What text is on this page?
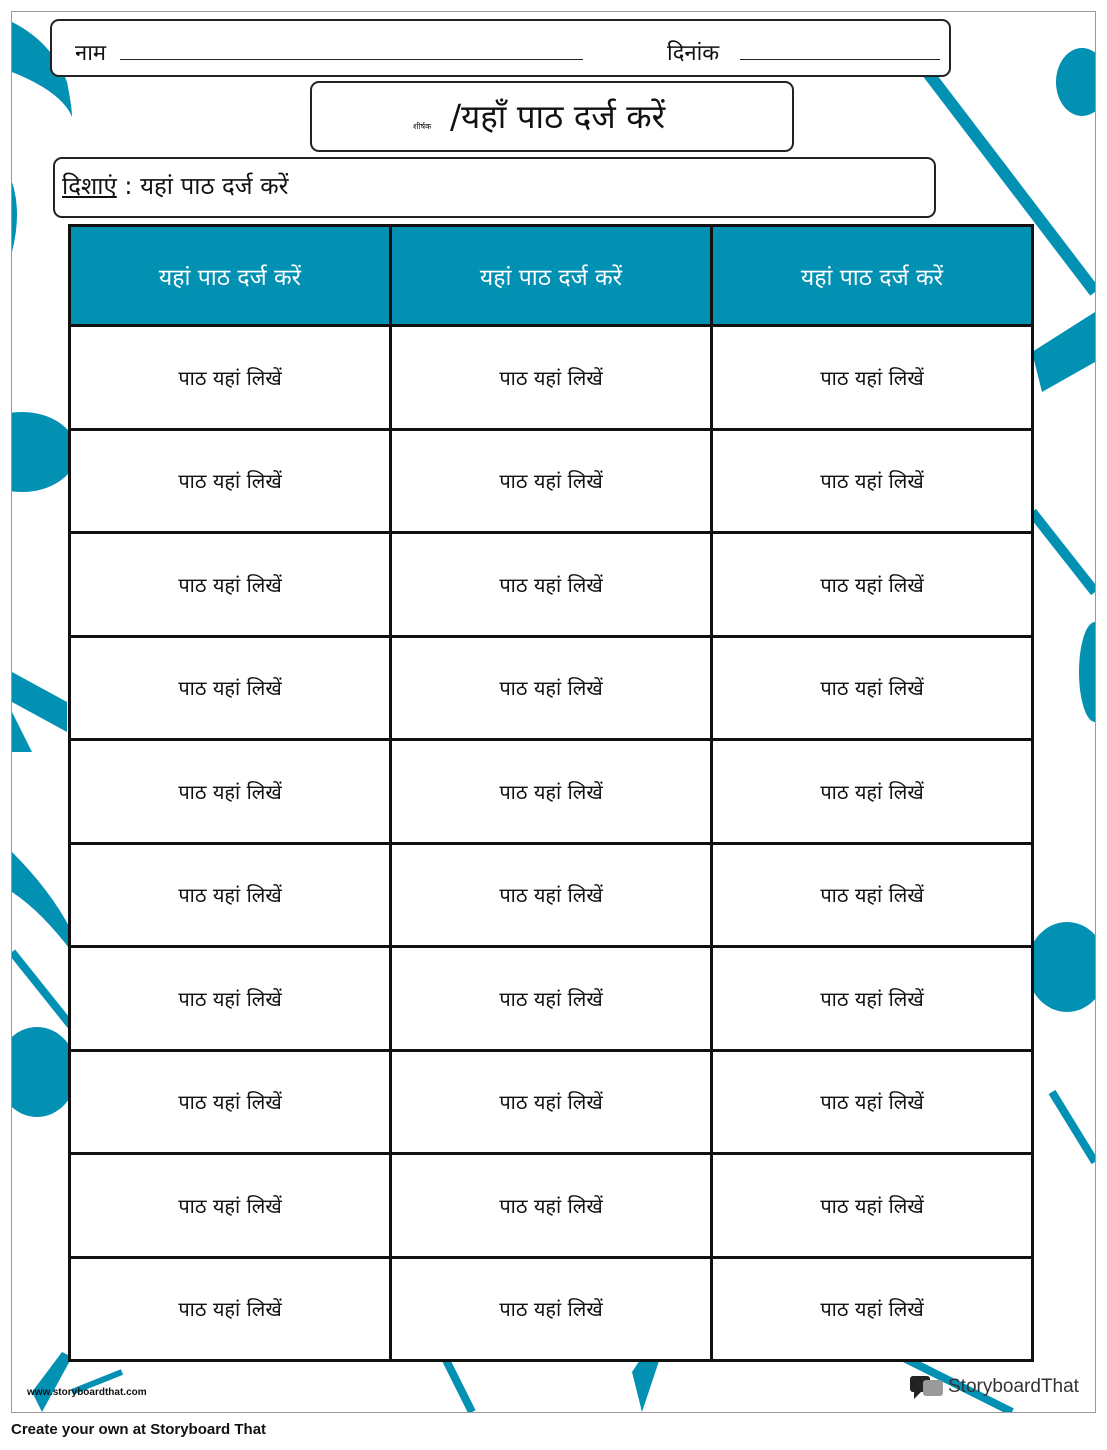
नाम	दिनांक
शीर्षक /यहाँ पाठ दर्ज करें
दिशाएं : यहां पाठ दर्ज करें
यहां पाठ दर्ज करें	यहां पाठ दर्ज करें	यहां पाठ दर्ज करें
पाठ यहां लिखें	पाठ यहां लिखें	पाठ यहां लिखें
पाठ यहां लिखें	पाठ यहां लिखें	पाठ यहां लिखें
पाठ यहां लिखें	पाठ यहां लिखें	पाठ यहां लिखें
पाठ यहां लिखें	पाठ यहां लिखें	पाठ यहां लिखें
पाठ यहां लिखें	पाठ यहां लिखें	पाठ यहां लिखें
पाठ यहां लिखें	पाठ यहां लिखें	पाठ यहां लिखें
पाठ यहां लिखें	पाठ यहां लिखें	पाठ यहां लिखें
पाठ यहां लिखें	पाठ यहां लिखें	पाठ यहां लिखें
पाठ यहां लिखें	पाठ यहां लिखें	पाठ यहां लिखें
पाठ यहां लिखें	पाठ यहां लिखें	पाठ यहां लिखें
www.storyboardthat.com	StoryboardThat
Create your own at Storyboard That
